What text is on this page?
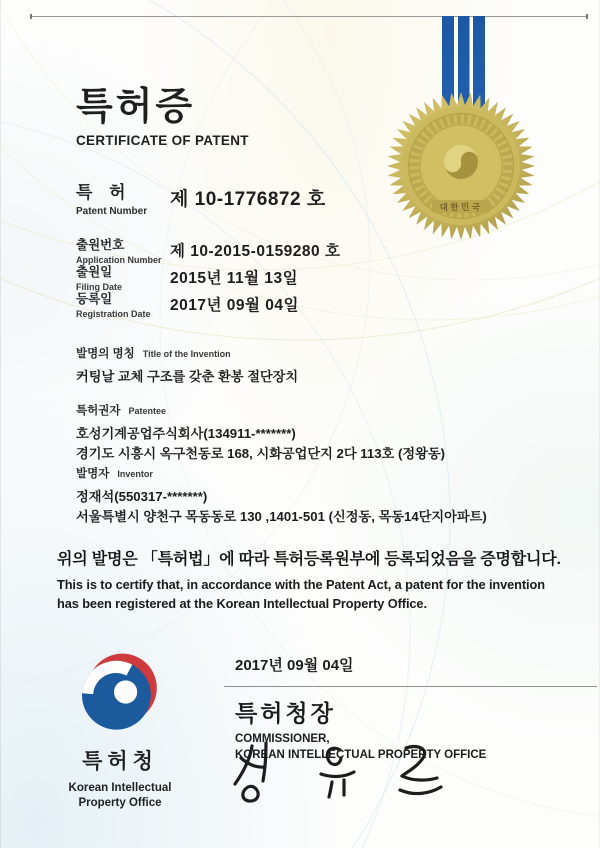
대한민국
특허증
CERTIFICATE OF PATENT
특 허
Patent Number
제 10-1776872 호
출원번호
Application Number 제 10-2015-0159280 호
출원일
Filing Date	2015년 11월 13일
등록일
Registration Date	2017년 09월 04일
발명의 명칭 Title of the Invention
커팅날 교체 구조를 갖춘 환봉 절단장치
특허권자 Patentee
호성기계공업주식회사(134911-*******)
경기도 시흥시 옥구천동로 168, 시화공업단지 2다 113호 (정왕동)
발명자 Inventor
정재석(550317-*******)
서울특별시 양천구 목동동로 130 ,1401-501 (신정동, 목동14단지아파트)
위의 발명은 「특허법」에 따라 특허등록원부에 등록되었음을 증명합니다.
This is to certify that, in accordance with the Patent Act, a patent for the invention
has been registered at the Korean Intellectual Property Office.
특허청
Korean Intellectual
Property Office
2017년 09월 04일
특허청장
COMMISSIONER,
KOREAN INTELLECTUAL PROPERTY OFFICE
